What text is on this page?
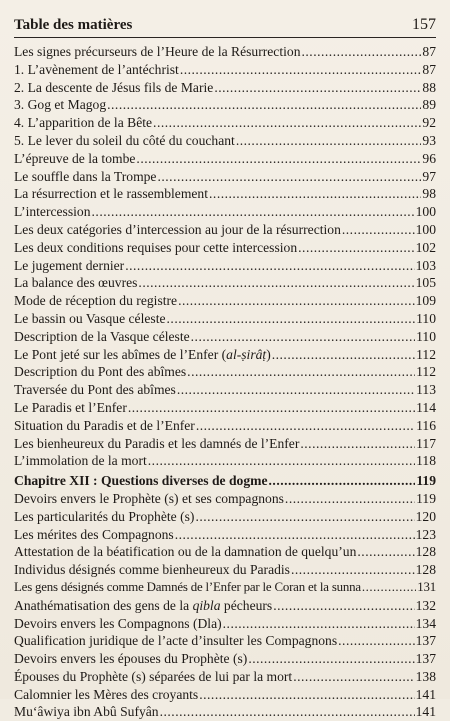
Table des matières	157
Les signes précurseurs de l’Heure de la Résurrection .....	87
1. L’avènement de l’antéchrist .....	87
2. La descente de Jésus fils de Marie .....	88
3. Gog et Magog .....	89
4. L’apparition de la Bête .....	92
5. Le lever du soleil du côté du couchant .....	93
L’épreuve de la tombe .....	96
Le souffle dans la Trompe .....	97
La résurrection et le rassemblement .....	98
L’intercession .....	100
Les deux catégories d’intercession au jour de la résurrection .....	100
Les deux conditions requises pour cette intercession .....	102
Le jugement dernier .....	103
La balance des œuvres .....	105
Mode de réception du registre .....	109
Le bassin ou Vasque céleste .....	110
Description de la Vasque céleste .....	110
Le Pont jeté sur les abîmes de l’Enfer (al-ṣirâṭ) .....	112
Description du Pont des abîmes .....	112
Traversée du Pont des abîmes .....	113
Le Paradis et l’Enfer .....	114
Situation du Paradis et de l’Enfer .....	116
Les bienheureux du Paradis et les damnés de l’Enfer .....	117
L’immolation de la mort .....	118
Chapitre XII : Questions diverses de dogme .....	119
Devoirs envers le Prophète (s) et ses compagnons .....	119
Les particularités du Prophète (s) .....	120
Les mérites des Compagnons .....	123
Attestation de la béatification ou de la damnation de quelqu’un .....	128
Individus désignés comme bienheureux du Paradis .....	128
Les gens désignés comme Damnés de l’Enfer par le Coran et la sunna .....	131
Anathématisation des gens de la qibla pécheurs .....	132
Devoirs envers les Compagnons (Dla) .....	134
Qualification juridique de l’acte d’insulter les Compagnons .....	137
Devoirs envers les épouses du Prophète (s) .....	137
Épouses du Prophète (s) séparées de lui par la mort .....	138
Calomnier les Mères des croyants .....	141
Mu‘âwiya ibn Abû Sufyân .....	141
